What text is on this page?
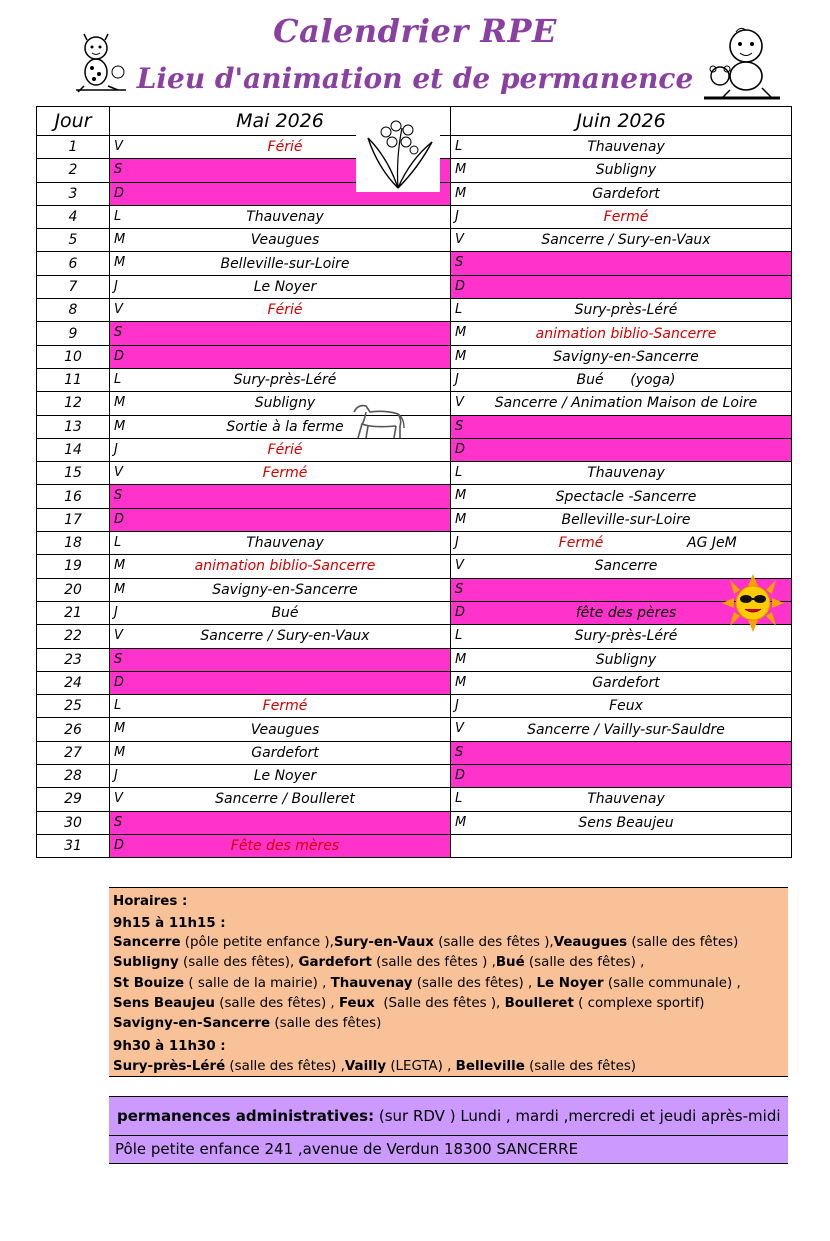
Calendrier RPE
Lieu d'animation et de permanence
Jour	Mai 2026	Juin 2026
1	V Férié	L Thauvenay

2	S	M Subligny

3	D	M Gardefort

4	L Thauvenay	J Fermé

5	M Veaugues	V Sancerre / Sury-en-Vaux

6	M Belleville-sur-Loire	S

7	J Le Noyer	D

8	V Férié	L Sury-près-Léré

9	S	M animation biblio-Sancerre

10	D	M Savigny-en-Sancerre

11	L Sury-près-Léré	J Bué      (yoga)

12	M Subligny	V Sancerre / Animation Maison de Loire

13	M Sortie à la ferme	S

14	J Férié	D

15	V Fermé	L Thauvenay

16	S	M Spectacle -Sancerre

17	D	M Belleville-sur-Loire

18	L Thauvenay	J Fermé AG JeM

19	M animation biblio-Sancerre	V Sancerre

20	M Savigny-en-Sancerre	S

21	J Bué	D fête des pères

22	V Sancerre / Sury-en-Vaux	L Sury-près-Léré

23	S	M Subligny

24	D	M Gardefort

25	L Fermé	J Feux

26	M Veaugues	V Sancerre / Vailly-sur-Sauldre

27	M Gardefort	S

28	J Le Noyer	D

29	V Sancerre / Boulleret	L Thauvenay

30	S	M Sens Beaujeu

31	D Fête des mères	

Horaires :
9h15 à 11h15 :
Sancerre (pôle petite enfance ),Sury-en-Vaux (salle des fêtes ),Veaugues (salle des fêtes)
Subligny (salle des fêtes), Gardefort (salle des fêtes ) ,Bué (salle des fêtes) ,
St Bouize ( salle de la mairie) , Thauvenay (salle des fêtes) , Le Noyer (salle communale) ,
Sens Beaujeu (salle des fêtes) , Feux  (Salle des fêtes ), Boulleret ( complexe sportif)
Savigny-en-Sancerre (salle des fêtes)
9h30 à 11h30 :
Sury-près-Léré (salle des fêtes) ,Vailly (LEGTA) , Belleville (salle des fêtes)
permanences administratives: (sur RDV ) Lundi , mardi ,mercredi et jeudi après-midi
Pôle petite enfance 241 ,avenue de Verdun 18300 SANCERRE
